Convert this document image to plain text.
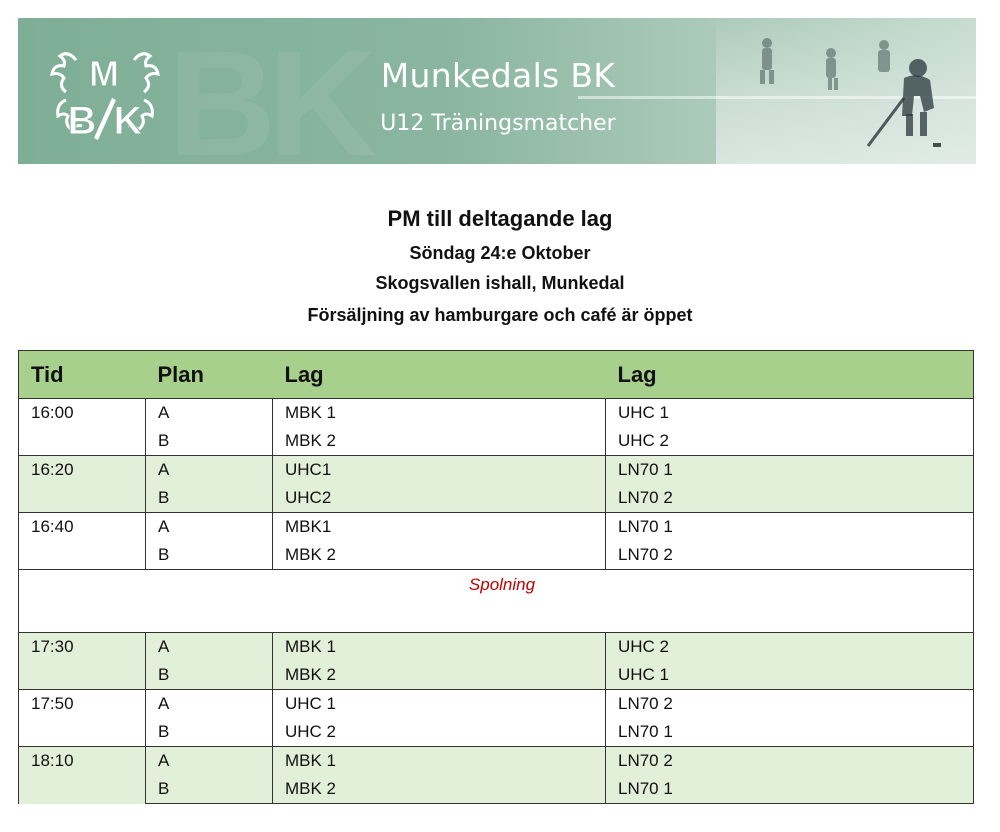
BK
M
B K
Munkedals BK
U12 Träningsmatcher
PM till deltagande lag
Söndag 24:e Oktober
Skogsvallen ishall, Munkedal
Försäljning av hamburgare och café är öppet
Tid	Plan	Lag	Lag
16:00	A	MBK 1	UHC 1
	B	MBK 2	UHC 2
16:20	A	UHC1	LN70 1
	B	UHC2	LN70 2
16:40	A	MBK1	LN70 1
	B	MBK 2	LN70 2
Spolning			
17:30	A	MBK 1	UHC 2
	B	MBK 2	UHC 1
17:50	A	UHC 1	LN70 2
	B	UHC 2	LN70 1
18:10	A	MBK 1	LN70 2
	B	MBK 2	LN70 1
